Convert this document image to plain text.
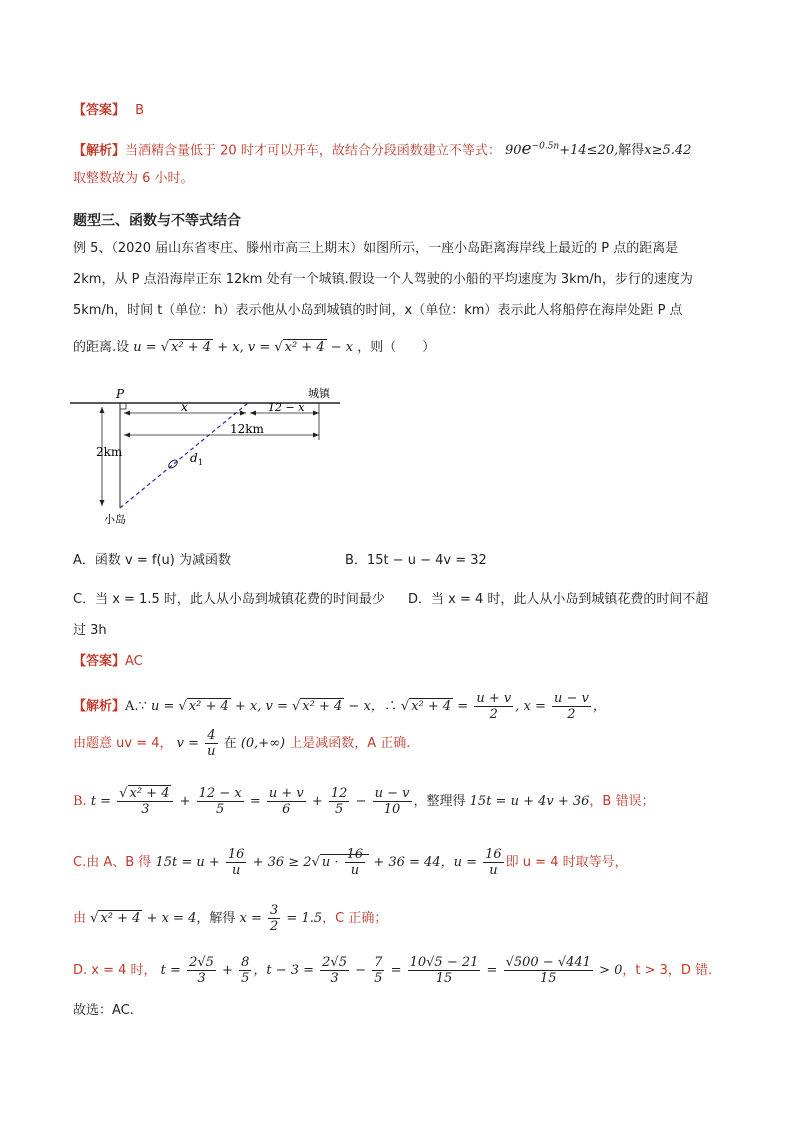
【答案】 B
【解析】当酒精含量低于 20 时才可以开车，故结合分段函数建立不等式： $90e^{-0.5n}+14\le 20$,解得x≥5.42
取整数故为 6 小时。
题型三、函数与不等式结合
例 5、（2020 届山东省枣庄、滕州市高三上期末）如图所示，一座小岛距离海岸线上最近的 P 点的距离是
2km，从 P 点沿海岸正东 12km 处有一个城镇.假设一个人驾驶的小船的平均速度为 3km/h，步行的速度为
5km/h，时间 t（单位：h）表示他从小岛到城镇的时间，x（单位：km）表示此人将船停在海岸处距 P 点
的距离.设 u = √ x² + 4 + x, v = √ x² + 4 − x ，则（　　）
P	城镇
x	12 − x
12km
2km	d 1
小岛
A．函数 v = f(u) 为减函数	B．15t − u − 4v = 32
C．当 x = 1.5 时，此人从小岛到城镇花费的时间最少 D．当 x = 4 时，此人从小岛到城镇花费的时间不超
过 3h
【答案】AC
【解析】A.∵ u = √ x² + 4 + x, v = √ x² + 4 − x，∴ √ $x^2 + 4 = \frac{u + v}{2}$ , $x = \frac{u - v}{2}$ ，
由题意 uv = 4， $v = \frac{4}{u}$ 在 (0,+∞) 上是减函数，A 正确.
B. $t = \frac{\text{√ x² + 4}}{3} + \frac{12 - x}{5} = \frac{u + v}{6} + \frac{12}{5} - \frac{u - v}{10}$ ，整理得 15t = u + 4v + 36，B 错误；
C.由 A、B 得 $15t = u + \frac{16}{u} + 36 \ge 2√$ $u \cdot \frac{16}{u} + 36 = 44$，$u = \frac{16}{u}$ 即 u = 4 时取等号，
由 √ x² + 4 + x = 4，解得 $x = \frac{3}{2} = 1.5$，C 正确；
D. x = 4 时， $t = \frac{2√5}{3} + \frac{8}{5}$ ，$t - 3 = \frac{2√5}{3} - \frac{7}{5} = \frac{10√5 - 21}{15} = \frac{√500 - √441}{15} > 0$，t > 3，D 错.
故选：AC.
